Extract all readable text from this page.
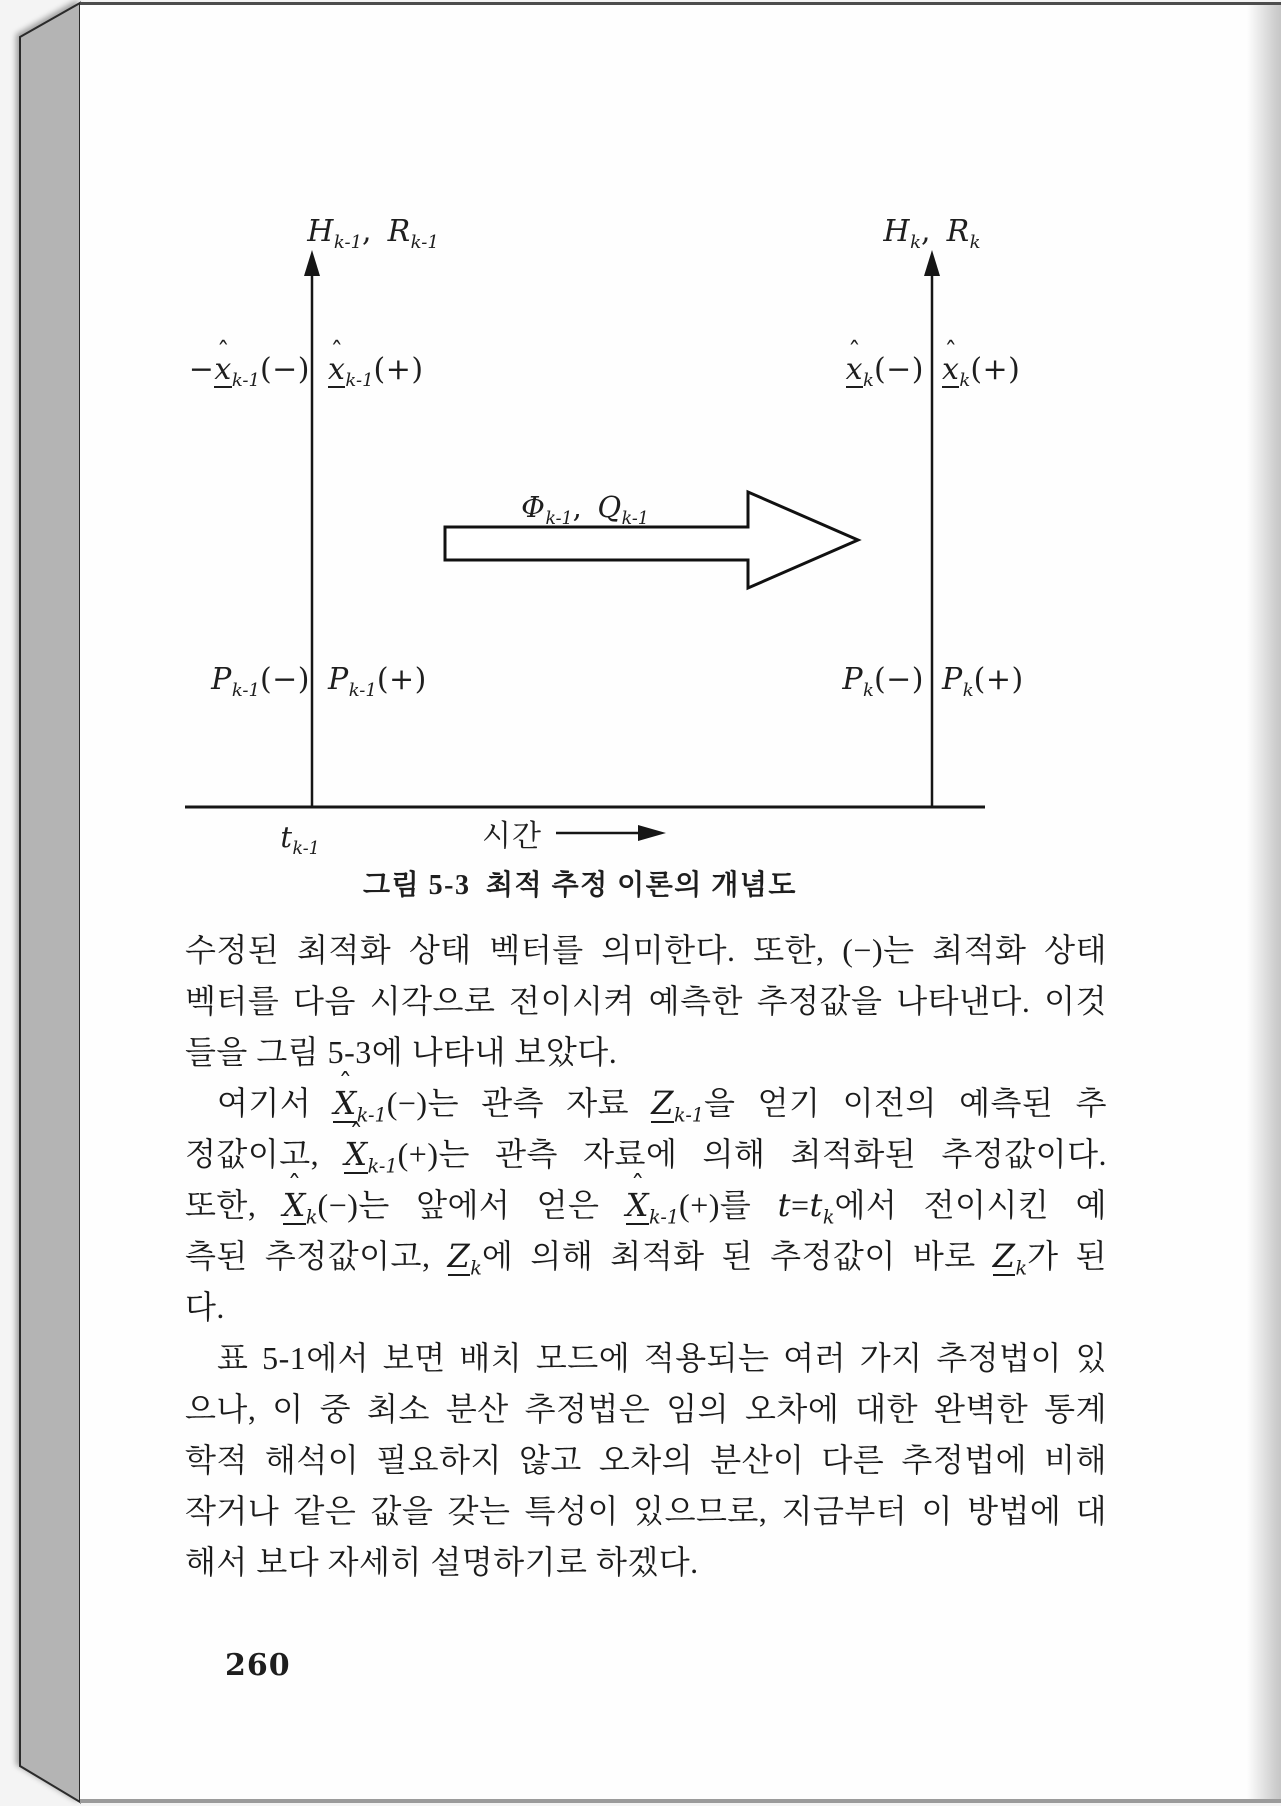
$H_{k-1}$, $R_{k-1}$	$H_k$, $R_k$
−x ˆ$_{k-1}$(−) x ˆ$_{k-1}$(+)	x ˆ$_k$(−) x ˆ$_k$(+)
$\Phi_{k-1}$, $Q_{k-1}$
$P_{k-1}(-)$ $P_{k-1}(+)$	$P_k(-)$ $P_k(+)$
$t_{k-1}$	시간
그림 5-3 최적 추정 이론의 개념도
수정된 최적화 상태 벡터를 의미한다. 또한, (−)는 최적화 상태
벡터를 다음 시각으로 전이시켜 예측한 추정값을 나타낸다. 이것
들을 그림 5-3에 나타내 보았다.
여기서 X ˆ$_{k-1}$(−)는 관측 자료 $Z_{k-1}$을 얻기 이전의 예측된 추
정값이고, X ˆ$_{k-1}$(+)는 관측 자료에 의해 최적화된 추정값이다.
또한, X ˆ$_k$(−)는 앞에서 얻은 X ˆ$_{k-1}$(+)를 $t=t_k$에서 전이시킨 예
측된 추정값이고, $Z_k$에 의해 최적화 된 추정값이 바로 $Z_k$가 된
다.
표 5-1에서 보면 배치 모드에 적용되는 여러 가지 추정법이 있
으나, 이 중 최소 분산 추정법은 임의 오차에 대한 완벽한 통계
학적 해석이 필요하지 않고 오차의 분산이 다른 추정법에 비해
작거나 같은 값을 갖는 특성이 있으므로, 지금부터 이 방법에 대
해서 보다 자세히 설명하기로 하겠다.
260
